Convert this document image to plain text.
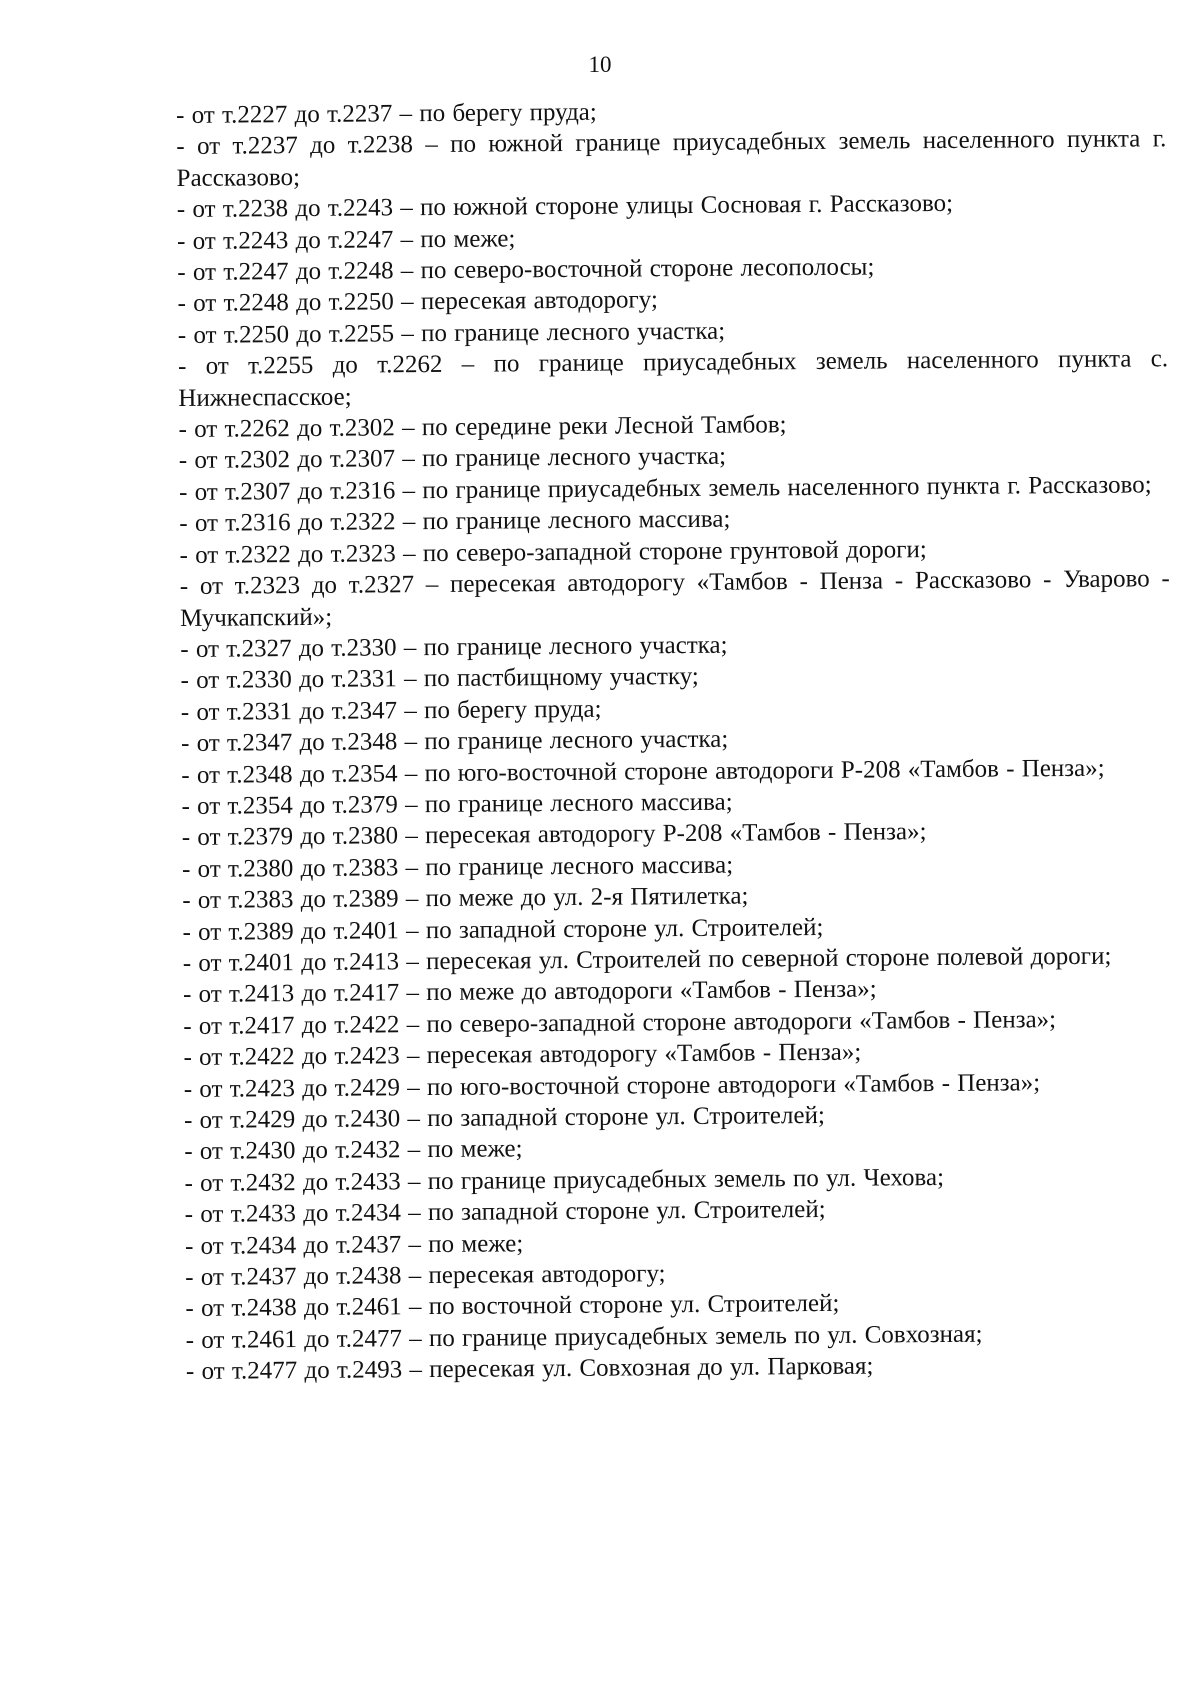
10

- от т.2227 до т.2237 – по берегу пруда;

- от т.2237 до т.2238 – по южной границе приусадебных земель населенного пункта г. Рассказово;

- от т.2238 до т.2243 – по южной стороне улицы Сосновая г. Рассказово;

- от т.2243 до т.2247 – по меже;

- от т.2247 до т.2248 – по северо-восточной стороне лесополосы;

- от т.2248 до т.2250 – пересекая автодорогу;

- от т.2250 до т.2255 – по границе лесного участка;

- от т.2255 до т.2262 – по границе приусадебных земель населенного пункта с. Нижнеспасское;

- от т.2262 до т.2302 – по середине реки Лесной Тамбов;

- от т.2302 до т.2307 – по границе лесного участка;

- от т.2307 до т.2316 – по границе приусадебных земель населенного пункта г. Рассказово;

- от т.2316 до т.2322 – по границе лесного массива;

- от т.2322 до т.2323 – по северо-западной стороне грунтовой дороги;

- от т.2323 до т.2327 – пересекая автодорогу «Тамбов - Пенза - Рассказово - Уварово - Мучкапский»;

- от т.2327 до т.2330 – по границе лесного участка;

- от т.2330 до т.2331 – по пастбищному участку;

- от т.2331 до т.2347 – по берегу пруда;

- от т.2347 до т.2348 – по границе лесного участка;

- от т.2348 до т.2354 – по юго-восточной стороне автодороги Р-208 «Тамбов - Пенза»;

- от т.2354 до т.2379 – по границе лесного массива;

- от т.2379 до т.2380 – пересекая автодорогу Р-208 «Тамбов - Пенза»;

- от т.2380 до т.2383 – по границе лесного массива;

- от т.2383 до т.2389 – по меже до ул. 2-я Пятилетка;

- от т.2389 до т.2401 – по западной стороне ул. Строителей;

- от т.2401 до т.2413 – пересекая ул. Строителей по северной стороне полевой дороги;

- от т.2413 до т.2417 – по меже до автодороги «Тамбов - Пенза»;

- от т.2417 до т.2422 – по северо-западной стороне автодороги «Тамбов - Пенза»;

- от т.2422 до т.2423 – пересекая автодорогу «Тамбов - Пенза»;

- от т.2423 до т.2429 – по юго-восточной стороне автодороги «Тамбов - Пенза»;

- от т.2429 до т.2430 – по западной стороне ул. Строителей;

- от т.2430 до т.2432 – по меже;

- от т.2432 до т.2433 – по границе приусадебных земель по ул. Чехова;

- от т.2433 до т.2434 – по западной стороне ул. Строителей;

- от т.2434 до т.2437 – по меже;

- от т.2437 до т.2438 – пересекая автодорогу;

- от т.2438 до т.2461 – по восточной стороне ул. Строителей;

- от т.2461 до т.2477 – по границе приусадебных земель по ул. Совхозная;

- от т.2477 до т.2493 – пересекая ул. Совхозная до ул. Парковая;
